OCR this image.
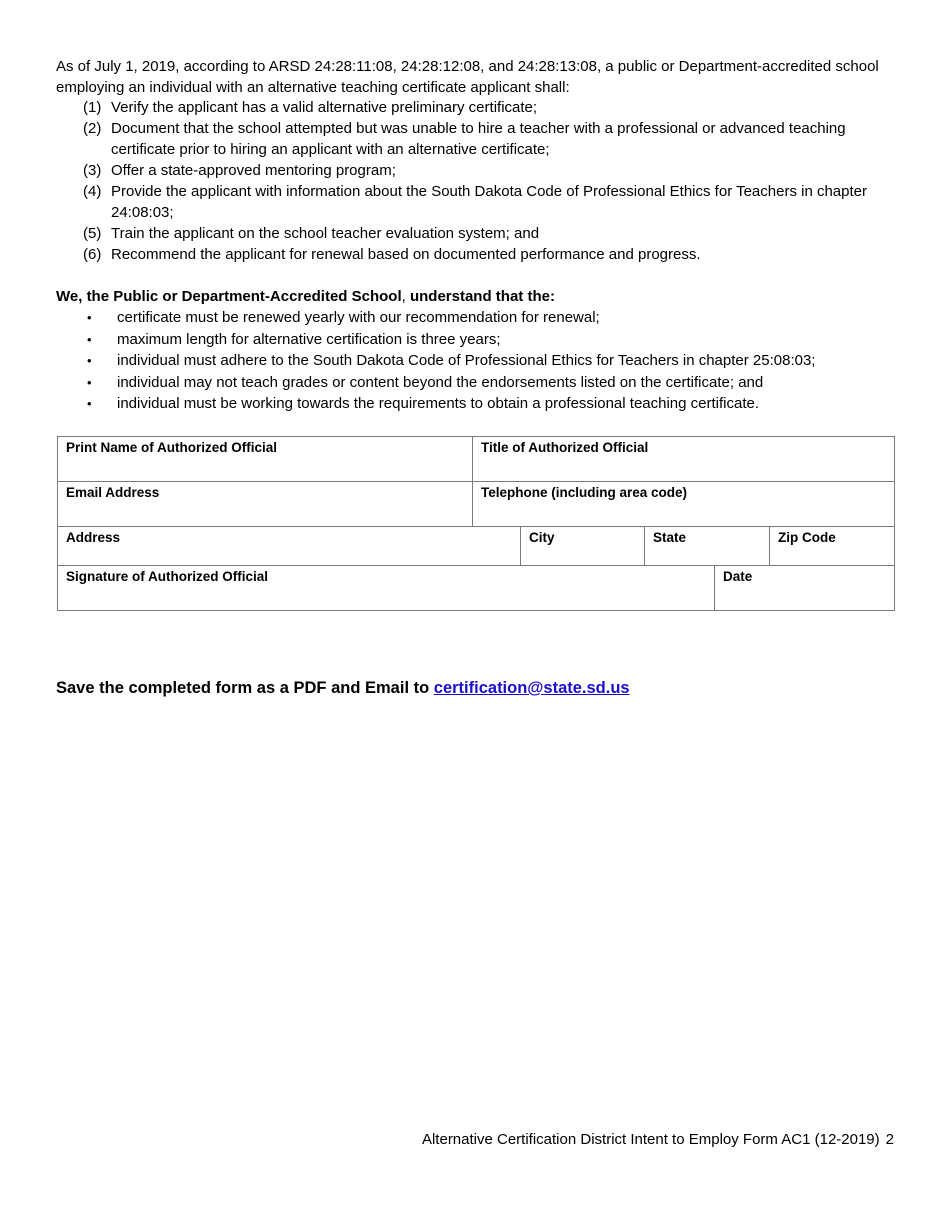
As of July 1, 2019, according to ARSD 24:28:11:08, 24:28:12:08, and 24:28:13:08, a public or Department-accredited school employing an individual with an alternative teaching certificate applicant shall:

(1) Verify the applicant has a valid alternative preliminary certificate;
(2) Document that the school attempted but was unable to hire a teacher with a professional or advanced teaching certificate prior to hiring an applicant with an alternative certificate;
(3) Offer a state-approved mentoring program;
(4) Provide the applicant with information about the South Dakota Code of Professional Ethics for Teachers in chapter 24:08:03;
(5) Train the applicant on the school teacher evaluation system; and
(6) Recommend the applicant for renewal based on documented performance and progress.

We, the Public or Department-Accredited School, understand that the:

•	certificate must be renewed yearly with our recommendation for renewal;
•	maximum length for alternative certification is three years;
•	individual must adhere to the South Dakota Code of Professional Ethics for Teachers in chapter 25:08:03;
•	individual may not teach grades or content beyond the endorsements listed on the certificate; and
•	individual must be working towards the requirements to obtain a professional teaching certificate.
Print Name of Authorized Official	Title of Authorized Official				
Email Address	Telephone (including area code)				
Address		City	State		Zip Code
Signature of Authorized Official				Date	

Save the completed form as a PDF and Email to certification@state.sd.us

Alternative Certification District Intent to Employ Form AC1 (12-2019) 2
